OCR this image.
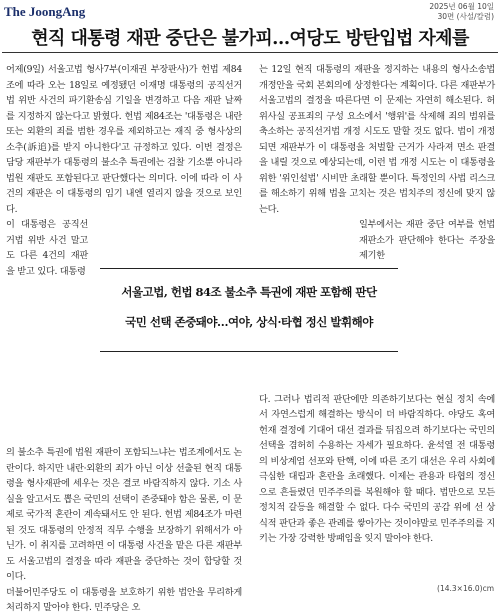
The JoongAng	2025년 06월 10일
30면 (사설/칼럼)
현직 대통령 재판 중단은 불가피…여당도 방탄입법 자제를

어제(9일) 서울고법 형사7부(이재권 부장판사)가 헌법 제84조에 따라 오는 18일로 예정됐던 이재명 대통령의 공직선거법 위반 사건의 파기환송심 기일을 변경하고 다음 재판 날짜를 지정하지 않는다고 밝혔다. 헌법 제84조는 '대통령은 내란 또는 외환의 죄를 범한 경우를 제외하고는 재직 중 형사상의 소추(訴追)를 받지 아니한다'고 규정하고 있다. 이번 결정은 담당 재판부가 대통령의 불소추 특권에는 검찰 기소뿐 아니라 법원 재판도 포함된다고 판단했다는 의미다. 이에 따라 이 사건의 재판은 이 대통령의 임기 내엔 열리지 않을 것으로 보인다.

이 대통령은 공직선거법 위반 사건 말고도 다른 4건의 재판을 받고 있다. 대통령

의 불소추 특권에 법원 재판이 포함되느냐는 법조계에서도 논란이다. 하지만 내란·외환의 죄가 아닌 이상 선출된 현직 대통령을 형사재판에 세우는 것은 결코 바람직하지 않다. 기소 사실을 알고서도 뽑은 국민의 선택이 존중돼야 함은 물론, 이 문제로 국가적 혼란이 계속돼서도 안 된다. 헌법 제84조가 마련된 것도 대통령의 안정적 직무 수행을 보장하기 위해서가 아닌가. 이 취지를 고려하면 이 대통령 사건을 맡은 다른 재판부도 서울고법의 결정을 따라 재판을 중단하는 것이 합당할 것이다.

더불어민주당도 이 대통령을 보호하기 위한 법안을 무리하게 처리하지 말아야 한다. 민주당은 오

는 12일 현직 대통령의 재판을 정지하는 내용의 형사소송법 개정안을 국회 본회의에 상정한다는 계획이다. 다른 재판부가 서울고법의 결정을 따른다면 이 문제는 자연히 해소된다. 허위사실 공표죄의 구성 요소에서 '행위'를 삭제해 죄의 범위를 축소하는 공직선거법 개정 시도도 말할 것도 없다. 법이 개정되면 재판부가 이 대통령을 처벌할 근거가 사라져 면소 판결을 내릴 것으로 예상되는데, 이런 법 개정 시도는 이 대통령을 위한 '위인설법' 시비만 초래할 뿐이다. 특정인의 사법 리스크를 해소하기 위해 법을 고치는 것은 법치주의 정신에 맞지 않는다.

일부에서는 재판 중단 여부를 헌법재판소가 판단해야 한다는 주장을 제기한

다. 그러나 법리적 판단에만 의존하기보다는 현실 정치 속에서 자연스럽게 해결하는 방식이 더 바람직하다. 야당도 혹여 헌재 결정에 기대어 대선 결과를 뒤집으려 하기보다는 국민의 선택을 겸허히 수용하는 자세가 필요하다. 윤석열 전 대통령의 비상계엄 선포와 탄핵, 이에 따른 조기 대선은 우리 사회에 극심한 대립과 혼란을 초래했다. 이제는 관용과 타협의 정신으로 흔들렸던 민주주의를 복원해야 할 때다. 법만으로 모든 정치적 갈등을 해결할 수 없다. 다수 국민의 공감 위에 선 상식적 판단과 좋은 관례를 쌓아가는 것이야말로 민주주의를 지키는 가장 강력한 방패임을 잊지 말아야 한다.

서울고법, 헌법 84조 불소추 특권에 재판 포함해 판단
국민 선택 존중돼야…여야, 상식·타협 정신 발휘해야
(14.3×16.0)cm
